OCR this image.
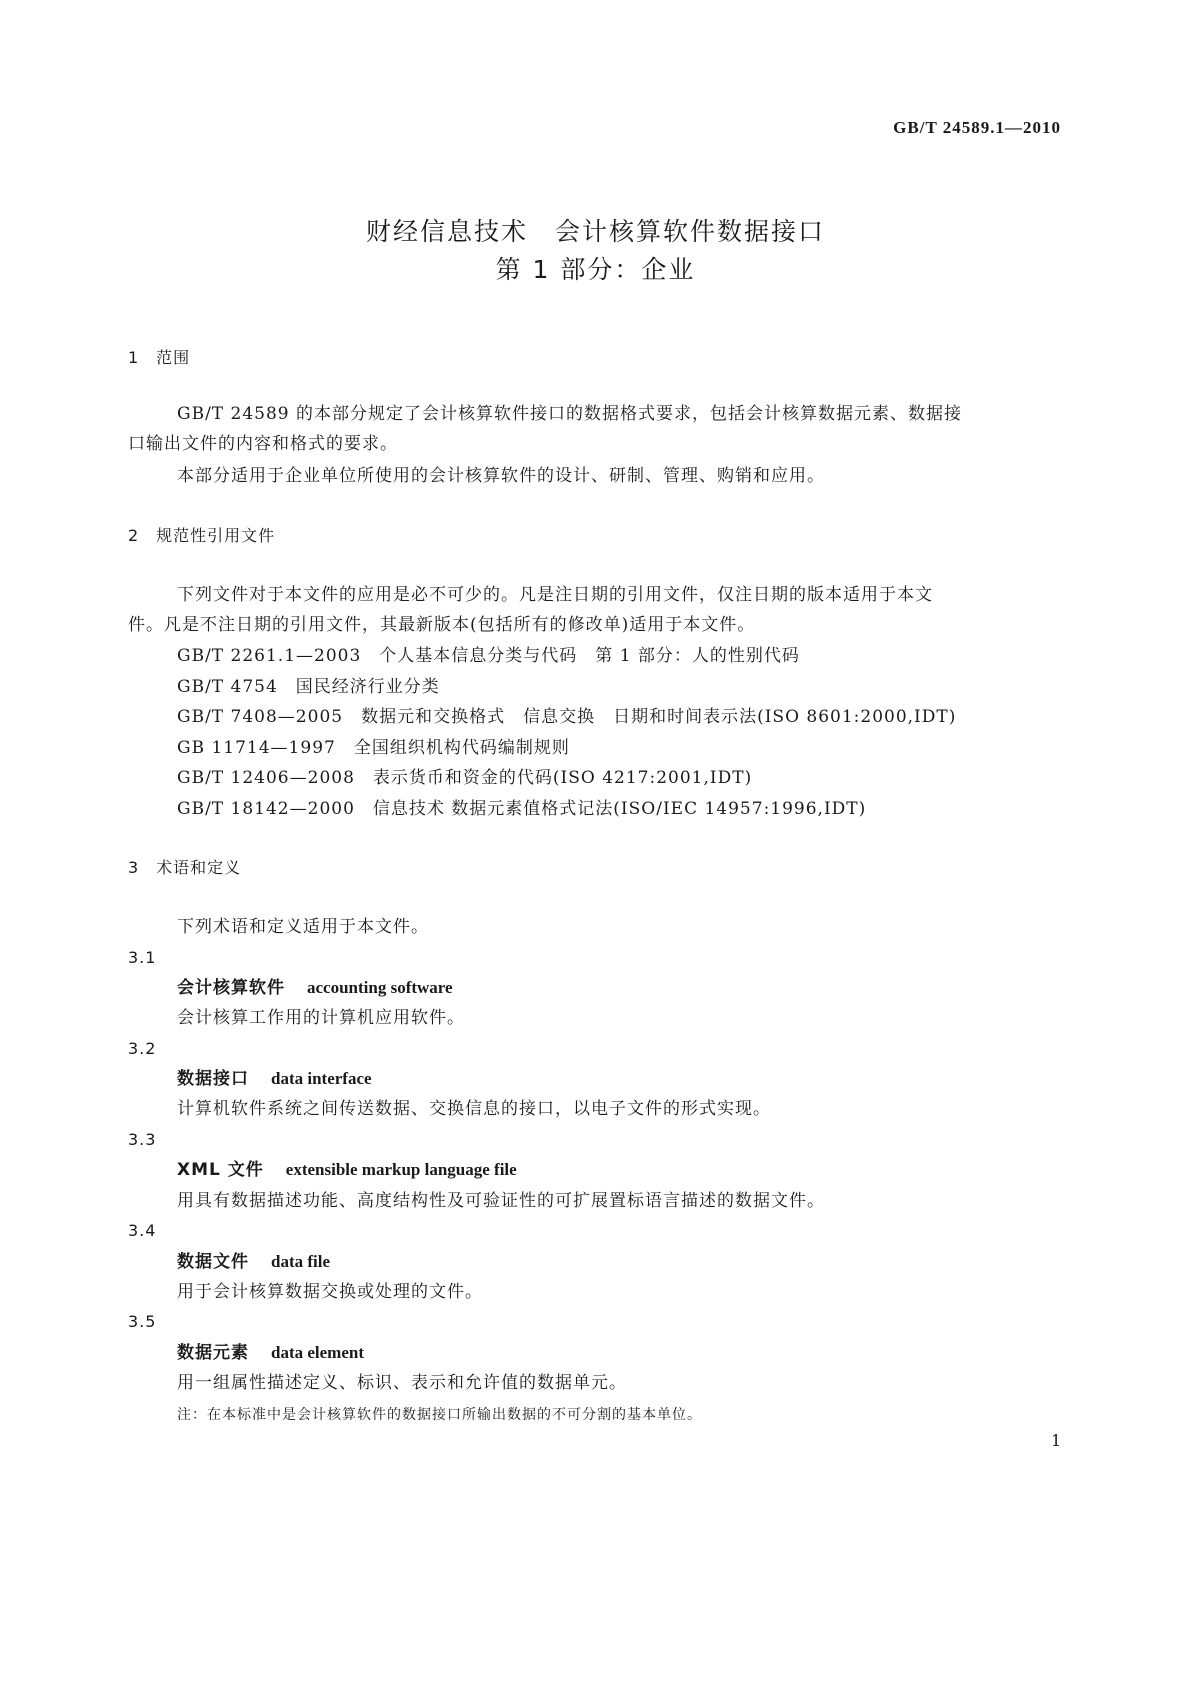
GB/T 24589.1—2010
财经信息技术　会计核算软件数据接口
第 1 部分：企业
1　范围
GB/T 24589 的本部分规定了会计核算软件接口的数据格式要求，包括会计核算数据元素、数据接
口输出文件的内容和格式的要求。
本部分适用于企业单位所使用的会计核算软件的设计、研制、管理、购销和应用。
2　规范性引用文件
下列文件对于本文件的应用是必不可少的。凡是注日期的引用文件，仅注日期的版本适用于本文
件。凡是不注日期的引用文件，其最新版本(包括所有的修改单)适用于本文件。
GB/T 2261.1—2003　个人基本信息分类与代码　第 1 部分：人的性别代码
GB/T 4754　国民经济行业分类
GB/T 7408—2005　数据元和交换格式　信息交换　日期和时间表示法(ISO 8601:2000,IDT)
GB 11714—1997　全国组织机构代码编制规则
GB/T 12406—2008　表示货币和资金的代码(ISO 4217:2001,IDT)
GB/T 18142—2000　信息技术 数据元素值格式记法(ISO/IEC 14957:1996,IDT)
3　术语和定义
下列术语和定义适用于本文件。
3.1
会计核算软件 accounting software
会计核算工作用的计算机应用软件。
3.2
数据接口 data interface
计算机软件系统之间传送数据、交换信息的接口，以电子文件的形式实现。
3.3
XML 文件 extensible markup language file
用具有数据描述功能、高度结构性及可验证性的可扩展置标语言描述的数据文件。
3.4
数据文件 data file
用于会计核算数据交换或处理的文件。
3.5
数据元素 data element
用一组属性描述定义、标识、表示和允许值的数据单元。
注：在本标准中是会计核算软件的数据接口所输出数据的不可分割的基本单位。
1
